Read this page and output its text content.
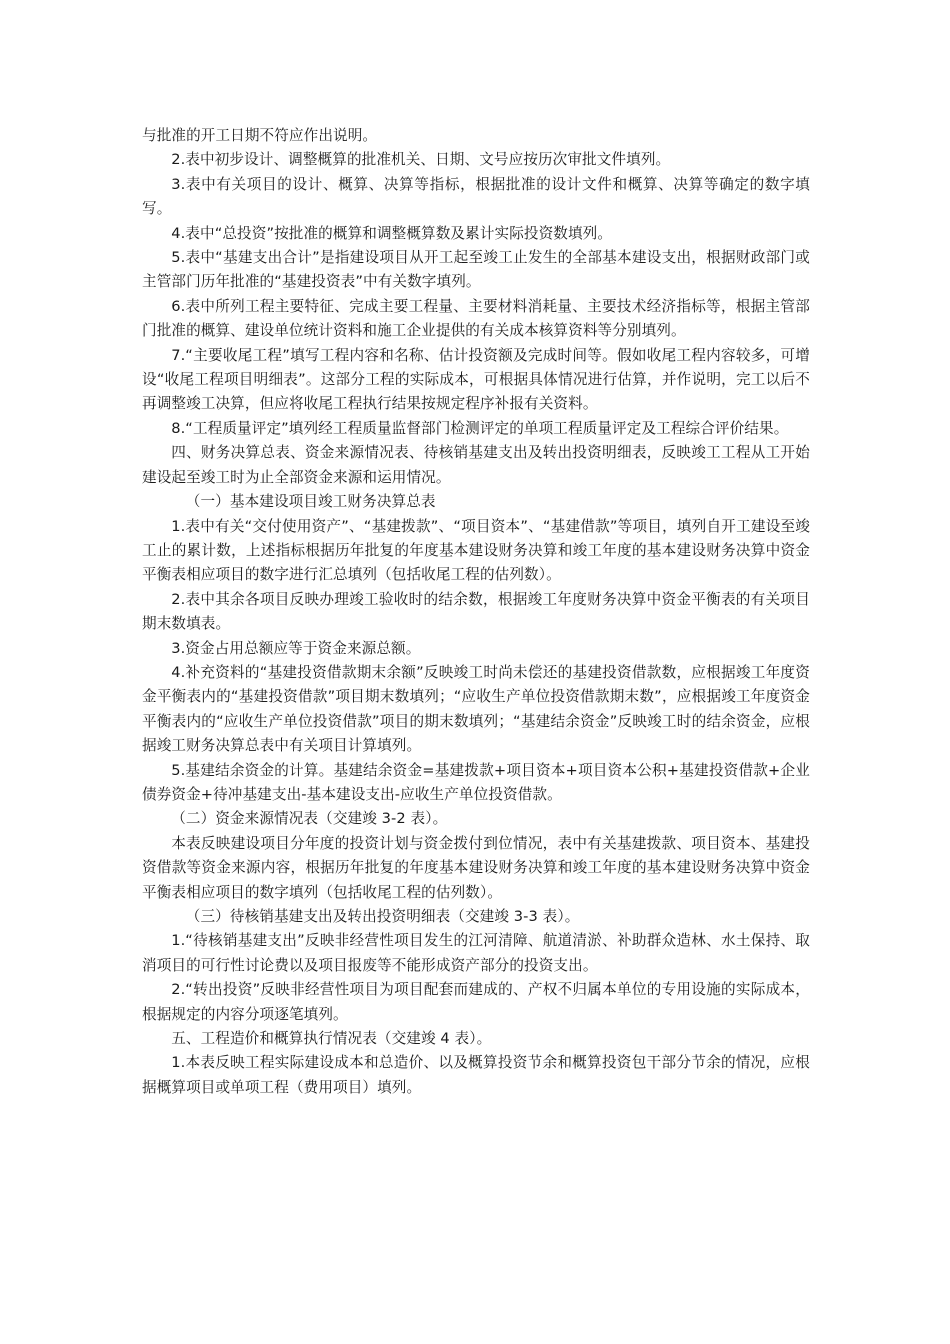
与批准的开工日期不符应作出说明。

2.表中初步设计、调整概算的批准机关、日期、文号应按历次审批文件填列。

3.表中有关项目的设计、概算、决算等指标，根据批准的设计文件和概算、决算等确定的数字填写。

4.表中“总投资”按批准的概算和调整概算数及累计实际投资数填列。

5.表中“基建支出合计”是指建设项目从开工起至竣工止发生的全部基本建设支出，根据财政部门或主管部门历年批准的“基建投资表”中有关数字填列。

6.表中所列工程主要特征、完成主要工程量、主要材料消耗量、主要技术经济指标等，根据主管部门批准的概算、建设单位统计资料和施工企业提供的有关成本核算资料等分别填列。

7.“主要收尾工程”填写工程内容和名称、估计投资额及完成时间等。假如收尾工程内容较多，可增设“收尾工程项目明细表”。这部分工程的实际成本，可根据具体情况进行估算，并作说明，完工以后不再调整竣工决算，但应将收尾工程执行结果按规定程序补报有关资料。

8.“工程质量评定”填列经工程质量监督部门检测评定的单项工程质量评定及工程综合评价结果。

四、财务决算总表、资金来源情况表、待核销基建支出及转出投资明细表，反映竣工工程从工开始建设起至竣工时为止全部资金来源和运用情况。

（一）基本建设项目竣工财务决算总表

1.表中有关“交付使用资产”、“基建拨款”、“项目资本”、“基建借款”等项目，填列自开工建设至竣工止的累计数，上述指标根据历年批复的年度基本建设财务决算和竣工年度的基本建设财务决算中资金平衡表相应项目的数字进行汇总填列（包括收尾工程的估列数）。

2.表中其余各项目反映办理竣工验收时的结余数，根据竣工年度财务决算中资金平衡表的有关项目期末数填表。

3.资金占用总额应等于资金来源总额。

4.补充资料的“基建投资借款期末余额”反映竣工时尚未偿还的基建投资借款数，应根据竣工年度资金平衡表内的“基建投资借款”项目期末数填列；“应收生产单位投资借款期末数”，应根据竣工年度资金平衡表内的“应收生产单位投资借款”项目的期末数填列；“基建结余资金”反映竣工时的结余资金，应根据竣工财务决算总表中有关项目计算填列。

5.基建结余资金的计算。基建结余资金=基建拨款+项目资本+项目资本公积+基建投资借款+企业债券资金+待冲基建支出-基本建设支出-应收生产单位投资借款。

（二）资金来源情况表（交建竣 3-2 表）。

本表反映建设项目分年度的投资计划与资金拨付到位情况，表中有关基建拨款、项目资本、基建投资借款等资金来源内容，根据历年批复的年度基本建设财务决算和竣工年度的基本建设财务决算中资金平衡表相应项目的数字填列（包括收尾工程的估列数）。

（三）待核销基建支出及转出投资明细表（交建竣 3-3 表）。

1.“待核销基建支出”反映非经营性项目发生的江河清障、航道清淤、补助群众造林、水土保持、取消项目的可行性讨论费以及项目报废等不能形成资产部分的投资支出。

2.“转出投资”反映非经营性项目为项目配套而建成的、产权不归属本单位的专用设施的实际成本，根据规定的内容分项逐笔填列。

五、工程造价和概算执行情况表（交建竣 4 表）。

1.本表反映工程实际建设成本和总造价、以及概算投资节余和概算投资包干部分节余的情况，应根据概算项目或单项工程（费用项目）填列。
